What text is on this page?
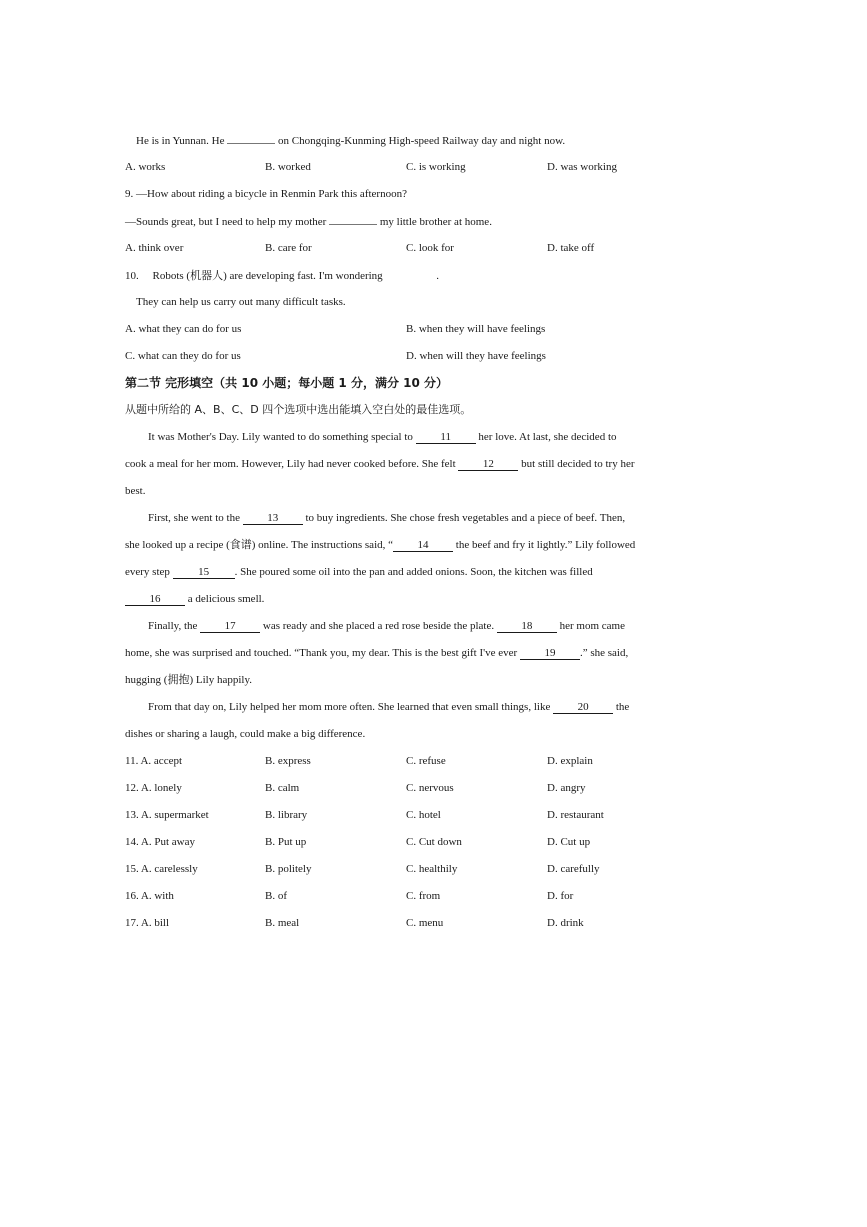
He is in Yunnan. He	on Chongqing-Kunming High-speed Railway day and night now.
A. works	B. worked	C. is working	D. was working
9. —How about riding a bicycle in Renmin Park this afternoon?
—Sounds great, but I need to help my mother	my little brother at home.
A. think over	B. care for	C. look for	D. take off
10.     Robots (机器人) are developing fast. I'm wondering	.
They can help us carry out many difficult tasks.
A. what they can do for us	B. when they will have feelings
C. what can they do for us	D. when will they have feelings
第二节 完形填空（共 10 小题；每小题 1 分，满分 10 分）
从题中所给的 A、B、C、D 四个选项中选出能填入空白处的最佳选项。
It was Mother's Day. Lily wanted to do something special to 11 her love. At last, she decided to
cook a meal for her mom. However, Lily had never cooked before. She felt 12 but still decided to try her
best.
First, she went to the 13 to buy ingredients. She chose fresh vegetables and a piece of beef. Then,
she looked up a recipe (食谱) online. The instructions said, “ 14 the beef and fry it lightly.” Lily followed
every step	15 . She poured some oil into the pan and added onions. Soon, the kitchen was filled
16 a delicious smell.
Finally, the 17 was ready and she placed a red rose beside the plate. 18 her mom came
home, she was surprised and touched. “Thank you, my dear. This is the best gift I've ever 19 .” she said,
hugging (拥抱) Lily happily.
From that day on, Lily helped her mom more often. She learned that even small things, like 20 the
dishes or sharing a laugh, could make a big difference.
11. A. accept	B. express	C. refuse	D. explain
12. A. lonely	B. calm	C. nervous	D. angry
13. A. supermarket	B. library	C. hotel	D. restaurant
14. A. Put away	B. Put up	C. Cut down	D. Cut up
15. A. carelessly	B. politely	C. healthily	D. carefully
16. A. with	B. of	C. from	D. for
17. A. bill	B. meal	C. menu	D. drink
